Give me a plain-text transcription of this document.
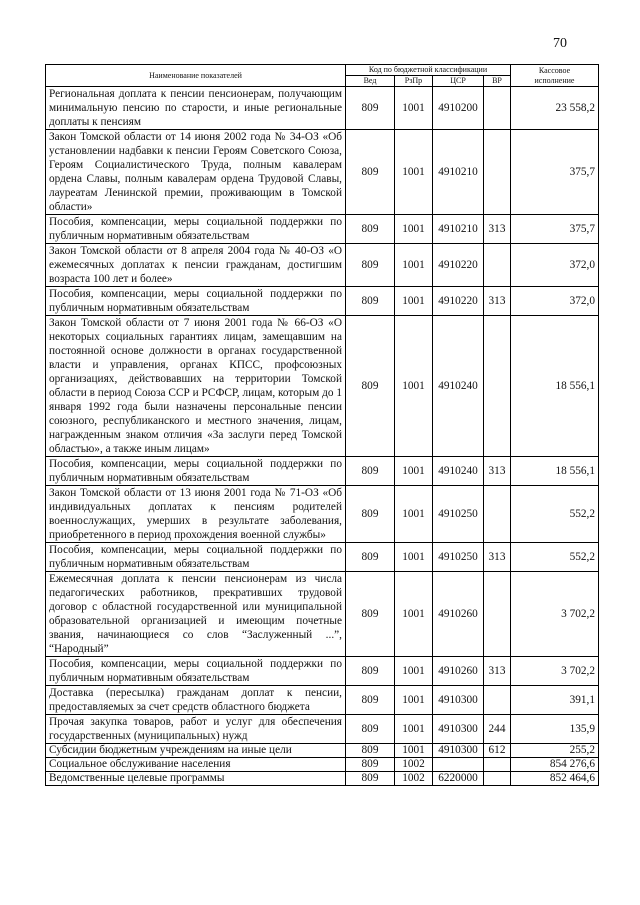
70
Наименование показателей	Код по бюджетной классификации				Кассовое
исполнение
	Вед	РзПр	ЦСР	ВР	
Региональная доплата к пенсии пенсионерам, получающим минимальную пенсию по старости, и иные региональные доплаты к пенсиям	809	1001	4910200		23 558,2
Закон Томской области от 14 июня 2002 года № 34-ОЗ «Об установлении надбавки к пенсии Героям Советского Союза, Героям Социалистического Труда, полным кавалерам ордена Славы, полным кавалерам ордена Трудовой Славы, лауреатам Ленинской премии, проживающим в Томской области»	809	1001	4910210		375,7
Пособия, компенсации, меры социальной поддержки по публичным нормативным обязательствам	809	1001	4910210	313	375,7
Закон Томской области от 8 апреля 2004 года № 40-ОЗ «О ежемесячных доплатах к пенсии гражданам, достигшим возраста 100 лет и более»	809	1001	4910220		372,0
Пособия, компенсации, меры социальной поддержки по публичным нормативным обязательствам	809	1001	4910220	313	372,0
Закон Томской области от 7 июня 2001 года № 66-ОЗ «О некоторых социальных гарантиях лицам, замещавшим на постоянной основе должности в органах государственной власти и управления, органах КПСС, профсоюзных организациях, действовавших на территории Томской области в период Союза ССР и РСФСР, лицам, которым до 1 января 1992 года были назначены персональные пенсии союзного, республиканского и местного значения, лицам, награжденным знаком отличия «За заслуги перед Томской областью», а также иным лицам»	809	1001	4910240		18 556,1
Пособия, компенсации, меры социальной поддержки по публичным нормативным обязательствам	809	1001	4910240	313	18 556,1
Закон Томской области от 13 июня 2001 года № 71-ОЗ «Об индивидуальных доплатах к пенсиям родителей военнослужащих, умерших в результате заболевания, приобретенного в период прохождения военной службы»	809	1001	4910250		552,2
Пособия, компенсации, меры социальной поддержки по публичным нормативным обязательствам	809	1001	4910250	313	552,2
Ежемесячная доплата к пенсии пенсионерам из числа педагогических работников, прекративших трудовой договор с областной государственной или муниципальной образовательной организацией и имеющим почетные звания, начинающиеся со слов “Заслуженный ...”, “Народный”	809	1001	4910260		3 702,2
Пособия, компенсации, меры социальной поддержки по публичным нормативным обязательствам	809	1001	4910260	313	3 702,2
Доставка (пересылка) гражданам доплат к пенсии, предоставляемых за счет средств областного бюджета	809	1001	4910300		391,1
Прочая закупка товаров, работ и услуг для обеспечения государственных (муниципальных) нужд	809	1001	4910300	244	135,9
Субсидии бюджетным учреждениям на иные цели	809	1001	4910300	612	255,2
Социальное обслуживание населения	809	1002			854 276,6
Ведомственные целевые программы	809	1002	6220000		852 464,6
